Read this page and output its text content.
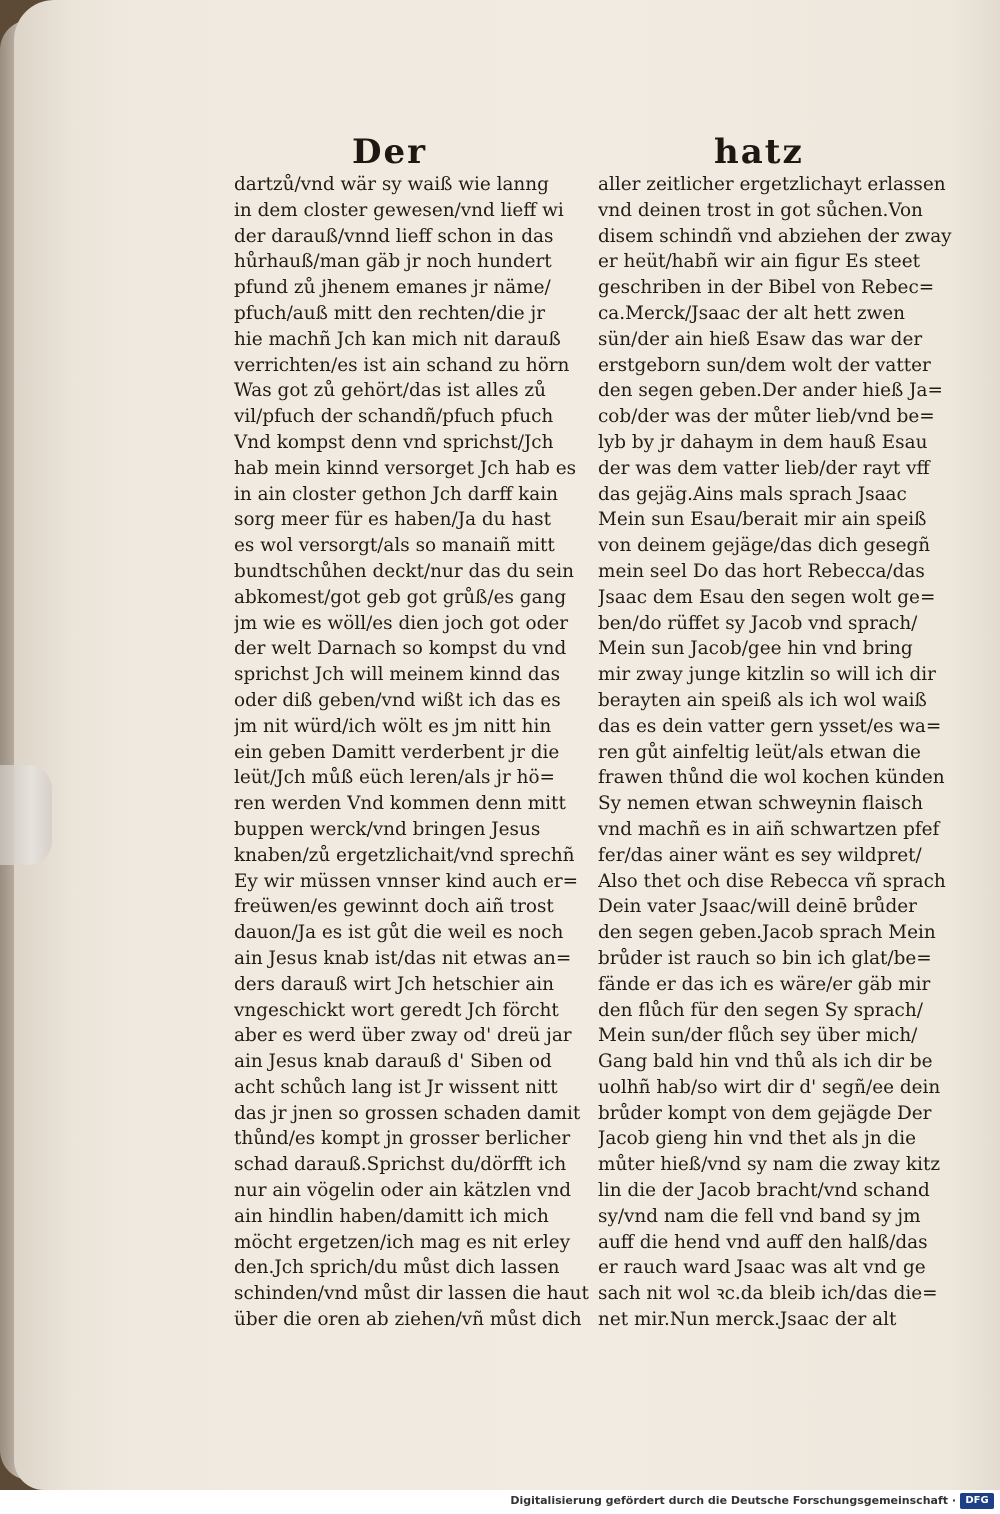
Der	hatz
dartzů/vnd wär sy waiß wie lanng
in dem closter gewesen/vnd lieff wi
der darauß/vnnd lieff schon in das
hůrhauß/man gäb jr noch hundert
pfund zů jhenem emanes jr näme/
pfuch/auß mitt den rechten/die jr
hie machñ Jch kan mich nit darauß
verrichten/es ist ain schand zu hörn
Was got zů gehört/das ist alles zů
vil/pfuch der schandñ/pfuch pfuch
Vnd kompst denn vnd sprichst/Jch
hab mein kinnd versorget Jch hab es
in ain closter gethon Jch darff kain
sorg meer für es haben/Ja du hast
es wol versorgt/als so manaiñ mitt
bundtschůhen deckt/nur das du sein
abkomest/got geb got grůß/es gang
jm wie es wöll/es dien joch got oder
der welt Darnach so kompst du vnd
sprichst Jch will meinem kinnd das
oder diß geben/vnd wißt ich das es
jm nit würd/ich wölt es jm nitt hin
ein geben Damitt verderbent jr die
leüt/Jch můß eüch leren/als jr hö=
ren werden Vnd kommen denn mitt
buppen werck/vnd bringen Jesus
knaben/zů ergetzlichait/vnd sprechñ
Ey wir müssen vnnser kind auch er=
freüwen/es gewinnt doch aiñ trost
dauon/Ja es ist gůt die weil es noch
ain Jesus knab ist/das nit etwas an=
ders darauß wirt Jch hetschier ain
vngeschickt wort geredt Jch förcht
aber es werd über zway od' dreü jar
ain Jesus knab darauß d' Siben od
acht schůch lang ist Jr wissent nitt
das jr jnen so grossen schaden damit
thůnd/es kompt jn grosser berlicher
schad darauß.Sprichst du/dörfft ich
nur ain vögelin oder ain kätzlen vnd
ain hindlin haben/damitt ich mich
möcht ergetzen/ich mag es nit erley
den.Jch sprich/du můst dich lassen
schinden/vnd můst dir lassen die haut
über die oren ab ziehen/vñ můst dich
aller zeitlicher ergetzlichayt erlassen
vnd deinen trost in got sůchen.Von
disem schindñ vnd abziehen der zway
er heüt/habñ wir ain figur Es steet
geschriben in der Bibel von Rebec=
ca.Merck/Jsaac der alt hett zwen
sün/der ain hieß Esaw das war der
erstgeborn sun/dem wolt der vatter
den segen geben.Der ander hieß Ja=
cob/der was der můter lieb/vnd be=
lyb by jr dahaym in dem hauß Esau
der was dem vatter lieb/der rayt vff
das gejäg.Ains mals sprach Jsaac
Mein sun Esau/berait mir ain speiß
von deinem gejäge/das dich gesegñ
mein seel Do das hort Rebecca/das
Jsaac dem Esau den segen wolt ge=
ben/do rüffet sy Jacob vnd sprach/
Mein sun Jacob/gee hin vnd bring
mir zway junge kitzlin so will ich dir
berayten ain speiß als ich wol waiß
das es dein vatter gern ysset/es wa=
ren gůt ainfeltig leüt/als etwan die
frawen thůnd die wol kochen künden
Sy nemen etwan schweynin flaisch
vnd machñ es in aiñ schwartzen pfef
fer/das ainer wänt es sey wildpret/
Also thet och dise Rebecca vñ sprach
Dein vater Jsaac/will deinē brůder
den segen geben.Jacob sprach Mein
brůder ist rauch so bin ich glat/be=
fände er das ich es wäre/er gäb mir
den flůch für den segen Sy sprach/
Mein sun/der flůch sey über mich/
Gang bald hin vnd thů als ich dir be
uolhñ hab/so wirt dir d' segñ/ee dein
brůder kompt von dem gejägde Der
Jacob gieng hin vnd thet als jn die
můter hieß/vnd sy nam die zway kitz
lin die der Jacob bracht/vnd schand
sy/vnd nam die fell vnd band sy jm
auff die hend vnd auff den halß/das
er rauch ward Jsaac was alt vnd ge
sach nit wol ꝛc.da bleib ich/das die=
net mir.Nun merck.Jsaac der alt
Digitalisierung gefördert durch die Deutsche Forschungsgemeinschaft · DFG
